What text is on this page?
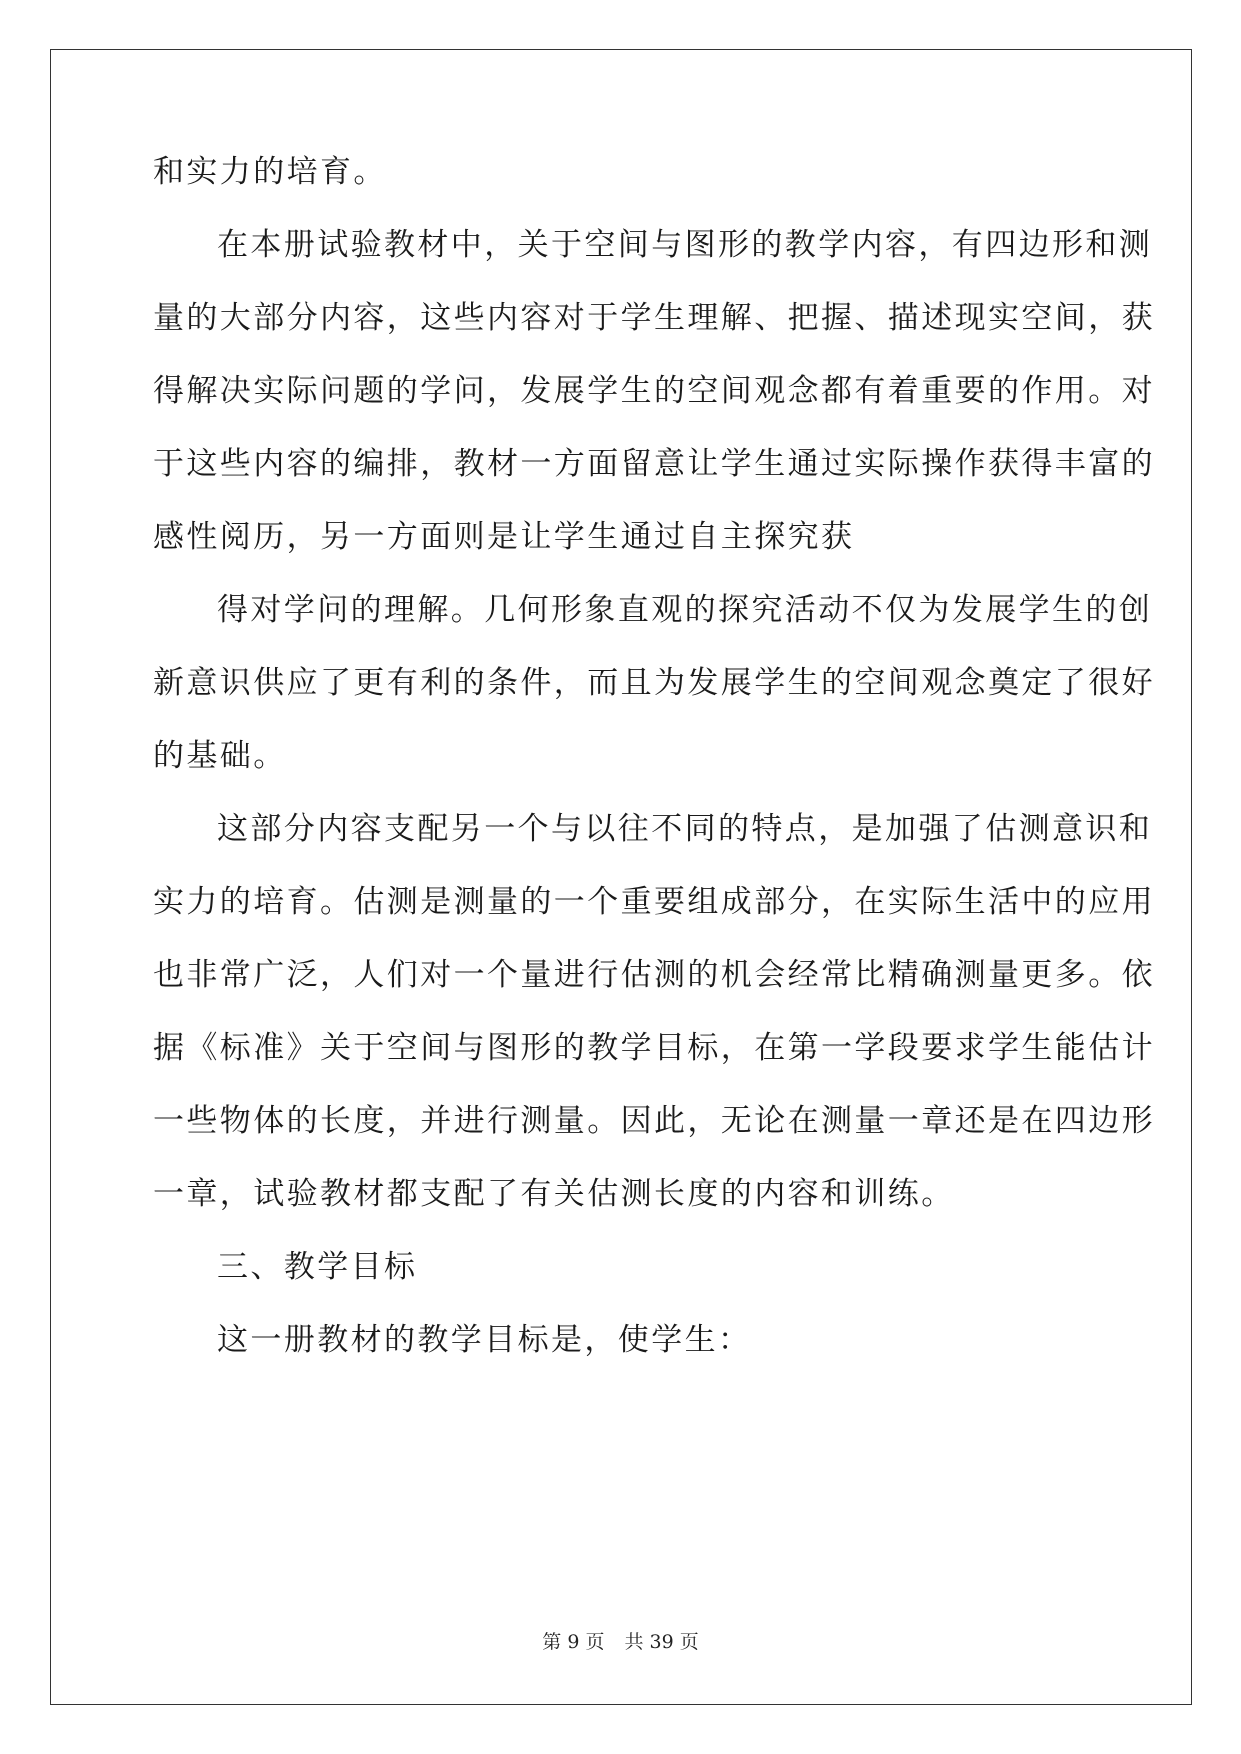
和实力的培育。
在本册试验教材中，关于空间与图形的教学内容，有四边形和测
量的大部分内容，这些内容对于学生理解、把握、描述现实空间，获
得解决实际问题的学问，发展学生的空间观念都有着重要的作用。对
于这些内容的编排，教材一方面留意让学生通过实际操作获得丰富的
感性阅历，另一方面则是让学生通过自主探究获
得对学问的理解。几何形象直观的探究活动不仅为发展学生的创
新意识供应了更有利的条件，而且为发展学生的空间观念奠定了很好
的基础。
这部分内容支配另一个与以往不同的特点，是加强了估测意识和
实力的培育。估测是测量的一个重要组成部分，在实际生活中的应用
也非常广泛，人们对一个量进行估测的机会经常比精确测量更多。依
据《标准》关于空间与图形的教学目标，在第一学段要求学生能估计
一些物体的长度，并进行测量。因此，无论在测量一章还是在四边形
一章，试验教材都支配了有关估测长度的内容和训练。
三、教学目标
这一册教材的教学目标是，使学生：
第 9 页 共 39 页
